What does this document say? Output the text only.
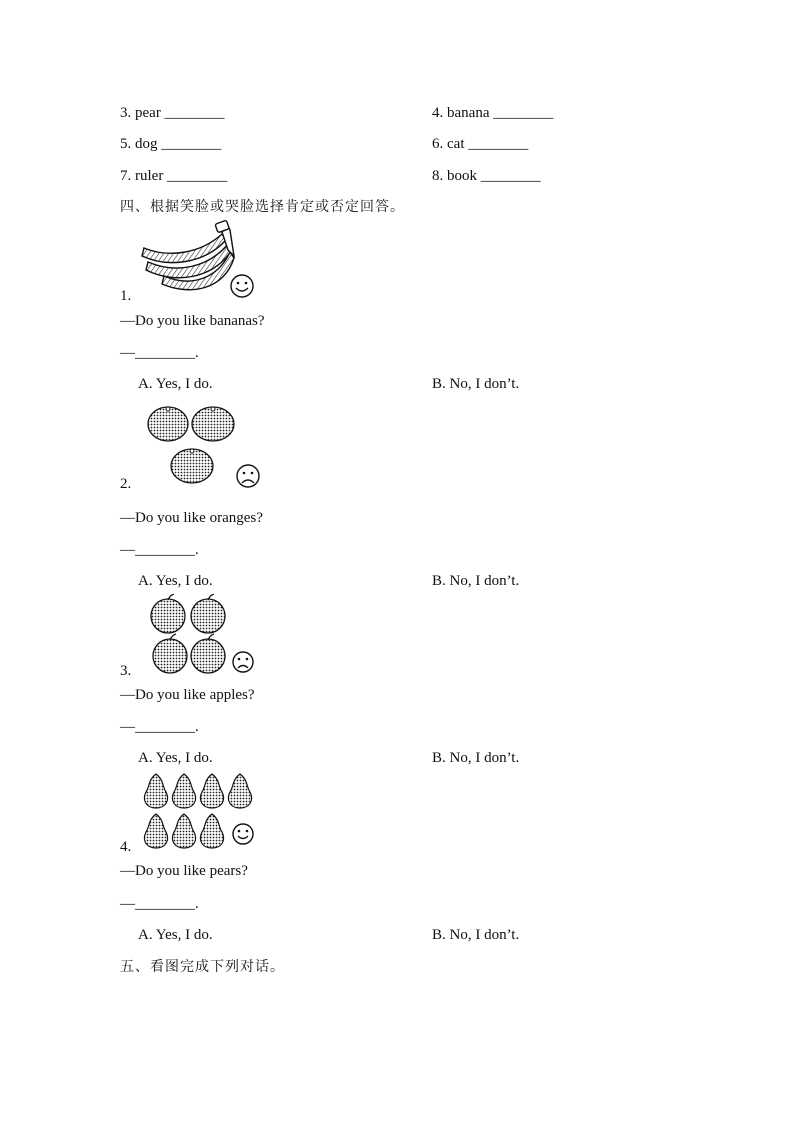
3. pear ________	4. banana ________
5. dog ________	6. cat ________
7. ruler ________	8. book ________
四、根据笑脸或哭脸选择肯定或否定回答。
1.
—Do you like bananas?
—________.
A. Yes, I do.	B. No, I don’t.
2.
—Do you like oranges?
—________.
A. Yes, I do.	B. No, I don’t.
3.
—Do you like apples?
—________.
A. Yes, I do.	B. No, I don’t.
4.
—Do you like pears?
—________.
A. Yes, I do.	B. No, I don’t.
五、看图完成下列对话。
